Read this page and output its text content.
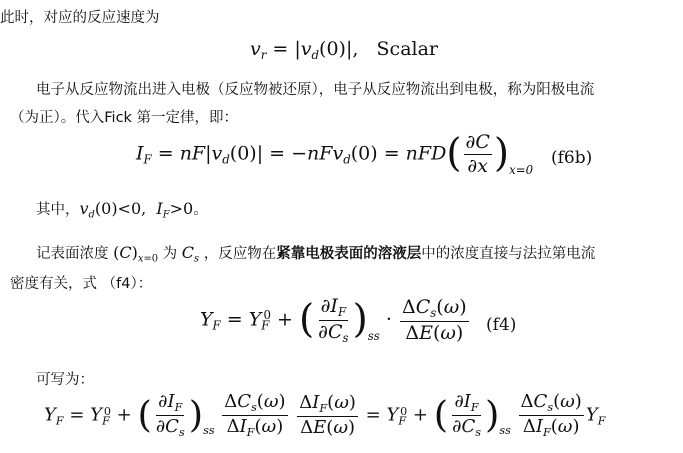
此时，对应的反应速度为
$v_r = |v_d(0)|$,   Scalar
电子从反应物流出进入电极（反应物被还原），电子从反应物流出到电极，称为阳极电流
（为正）。代入Fick 第一定律，即：
$I_F = nF|v_d(0)| = -nFv_d(0) = nFD( \frac{\partial C}{\partial x} )x=0$
(f6b)
其中，$v_d(0)<0$,  $I_F>0$。
记表面浓度 $(C)_{x=0}$ 为 $C_s$ ，反应物在紧靠电极表面的溶液层中的浓度直接与法拉第电流
密度有关，式 （f4）：
$Y_F = Y_F^0$ + ( $\frac{\partial I_F}{\partial C_s} )ss \cdot \frac{\Delta C_s(\omega)}{\Delta E(\omega)} (f4)$
可写为：
$Y_F = Y_F^0$ + ( $\frac{\partial I_F}{\partial C_s} )ss \frac{\Delta C_s(\omega)}{\Delta I_F(\omega)}$
$\frac{\Delta I_F(\omega)}{\Delta E(\omega)} = Y_F^0$ + ( $\frac{\partial I_F}{\partial C_s} )ss \frac{\Delta C_s(\omega)}{\Delta I_F(\omega)} Y_F$
